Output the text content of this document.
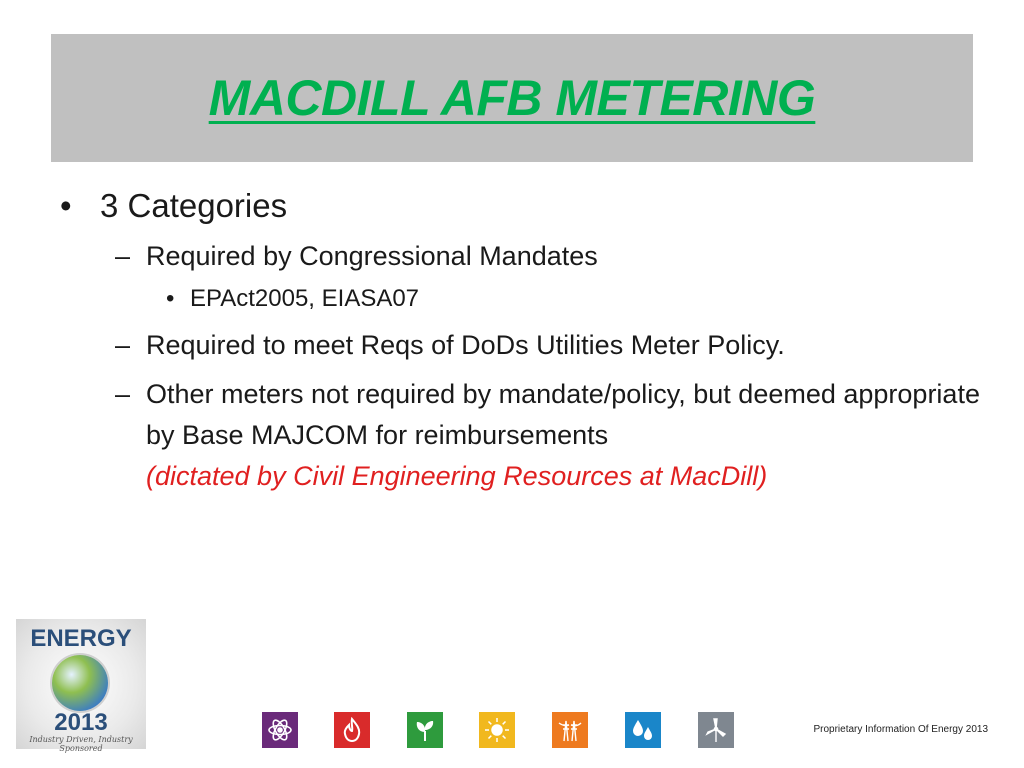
MACDILL AFB METERING
• 3 Categories
– Required by Congressional Mandates
• EPAct2005, EIASA07
– Required to meet Reqs of DoDs Utilities Meter Policy.
– Other meters not required by mandate/policy, but deemed appropriate by Base MAJCOM for reimbursements
(dictated by Civil Engineering Resources at MacDill)
ENERGY
2013
Industry Driven, Industry Sponsored
Proprietary Information Of Energy 2013
